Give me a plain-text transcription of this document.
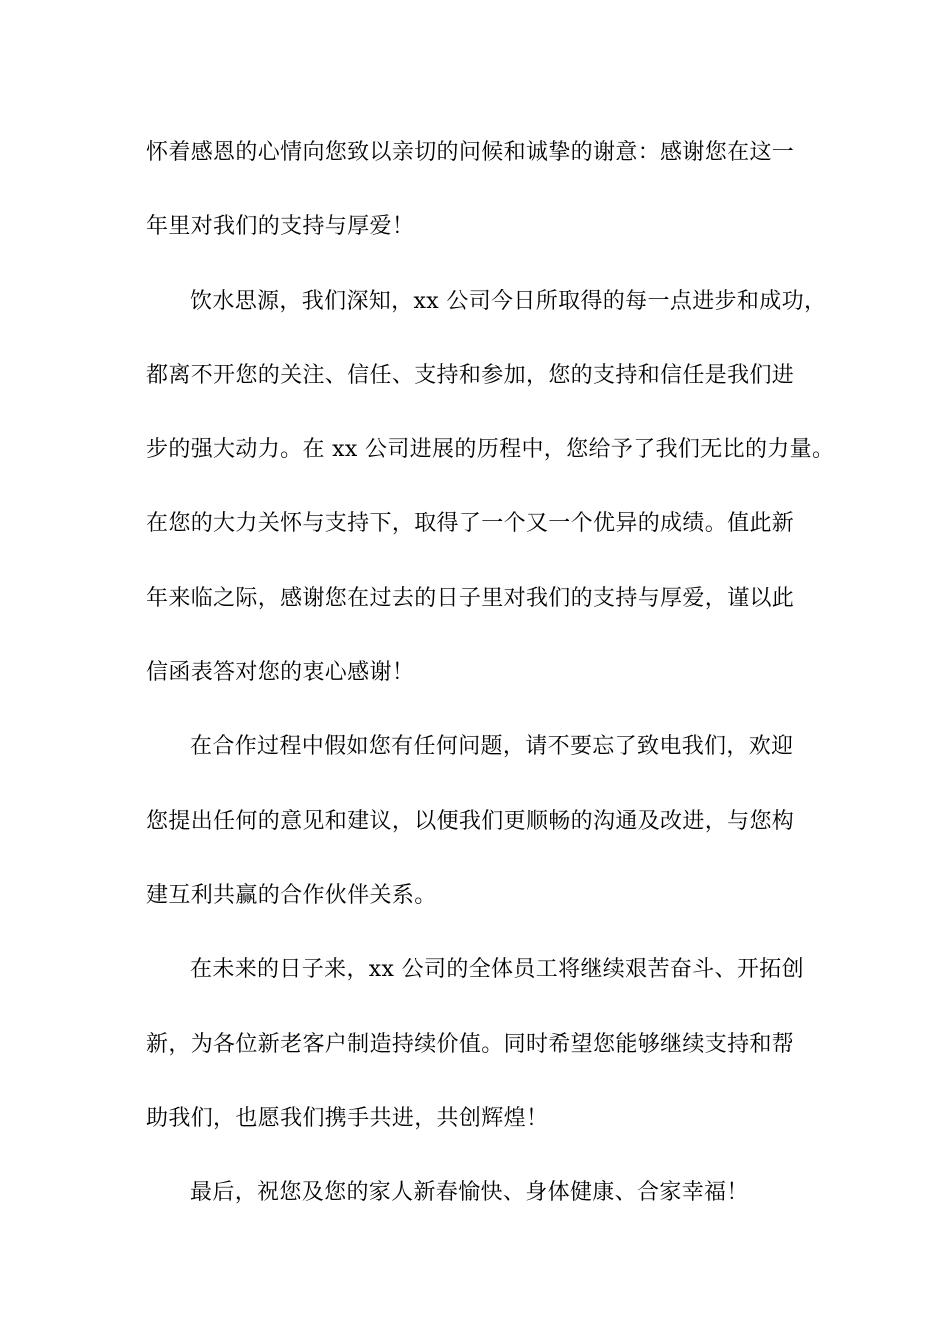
怀着感恩的心情向您致以亲切的问候和诚挚的谢意：感谢您在这一
年里对我们的支持与厚爱！
饮水思源，我们深知，xx 公司今日所取得的每一点进步和成功，
都离不开您的关注、信任、支持和参加，您的支持和信任是我们进
步的强大动力。在 xx 公司进展的历程中，您给予了我们无比的力量。
在您的大力关怀与支持下，取得了一个又一个优异的成绩。值此新
年来临之际，感谢您在过去的日子里对我们的支持与厚爱，谨以此
信函表答对您的衷心感谢！
在合作过程中假如您有任何问题，请不要忘了致电我们，欢迎
您提出任何的意见和建议，以便我们更顺畅的沟通及改进，与您构
建互利共赢的合作伙伴关系。
在未来的日子来，xx 公司的全体员工将继续艰苦奋斗、开拓创
新，为各位新老客户制造持续价值。同时希望您能够继续支持和帮
助我们，也愿我们携手共进，共创辉煌！
最后，祝您及您的家人新春愉快、身体健康、合家幸福！
